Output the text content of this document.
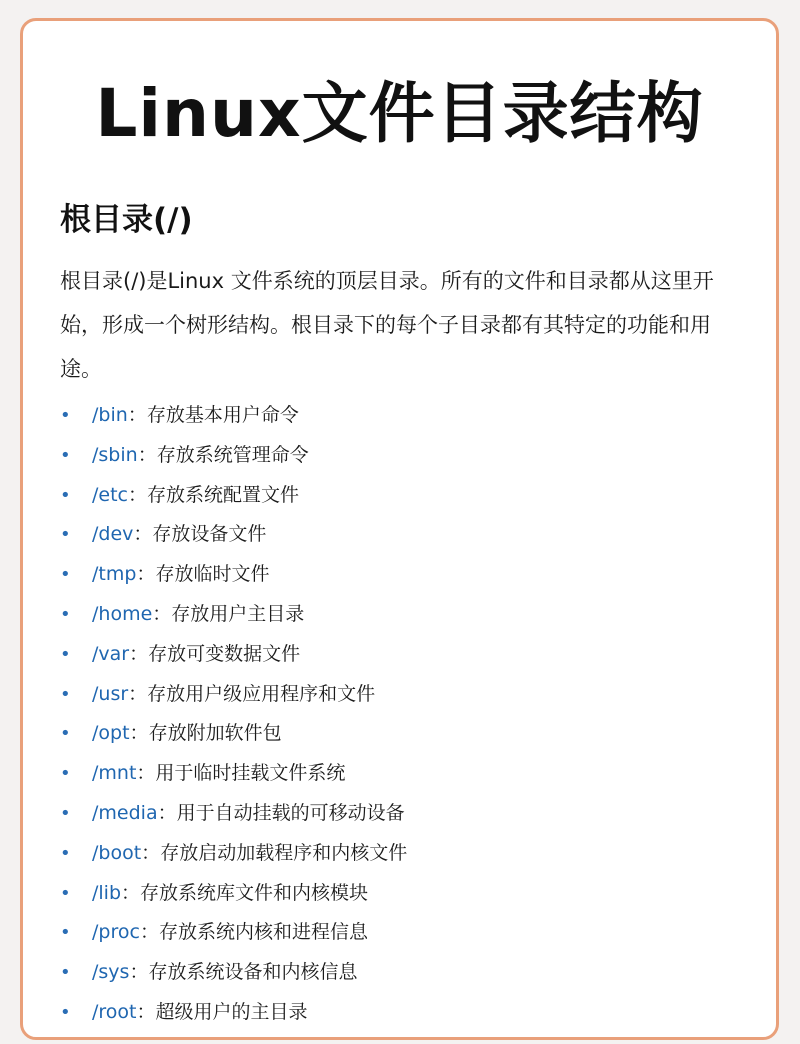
Linux文件目录结构
根目录(/)

根目录(/)是Linux 文件系统的顶层目录。所有的文件和目录都从这里开始，形成一个树形结构。根目录下的每个子目录都有其特定的功能和用途。

• /bin：存放基本用户命令
• /sbin：存放系统管理命令
• /etc：存放系统配置文件
• /dev：存放设备文件
• /tmp：存放临时文件
• /home：存放用户主目录
• /var：存放可变数据文件
• /usr：存放用户级应用程序和文件
• /opt：存放附加软件包
• /mnt：用于临时挂载文件系统
• /media：用于自动挂载的可移动设备
• /boot：存放启动加载程序和内核文件
• /lib：存放系统库文件和内核模块
• /proc：存放系统内核和进程信息
• /sys：存放系统设备和内核信息
• /root：超级用户的主目录
